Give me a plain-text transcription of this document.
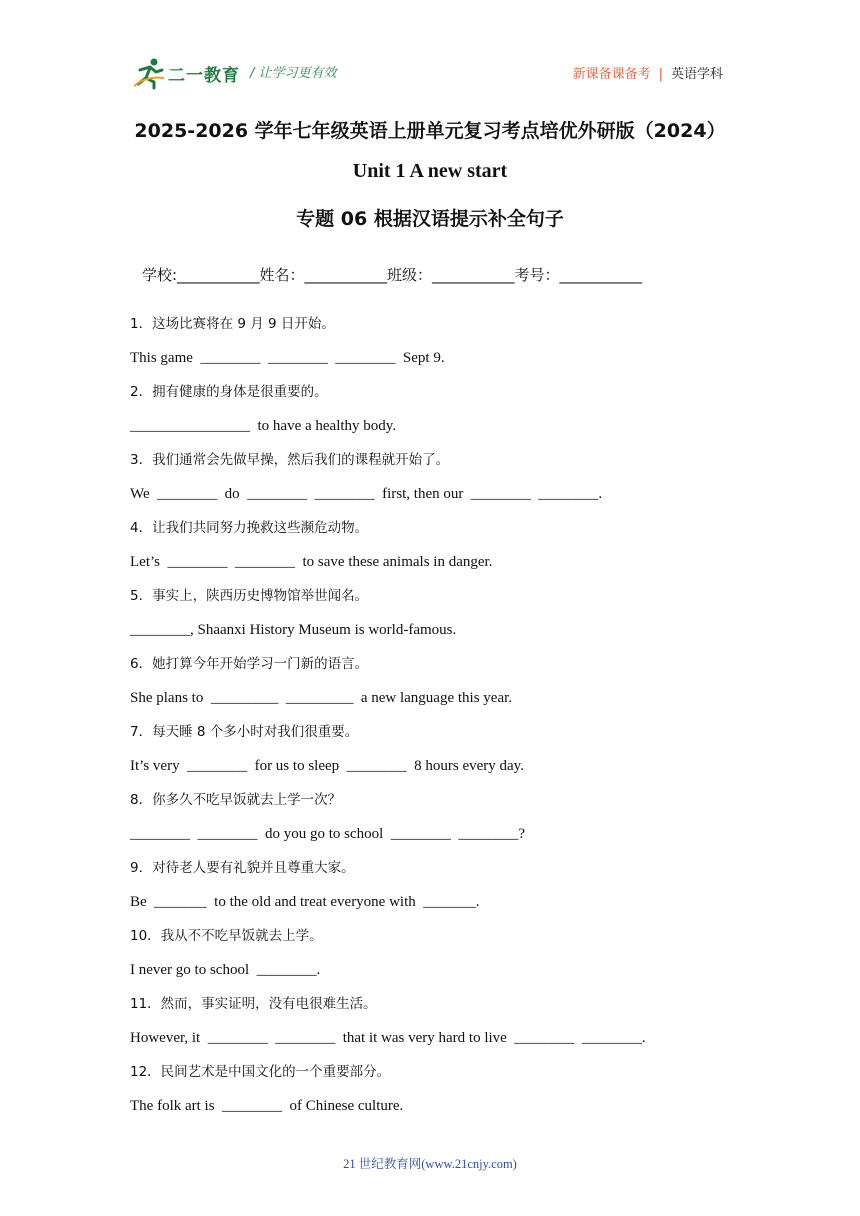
二一教育 / 让学习更有效	新课备课备考 | 英语学科
2025-2026 学年七年级英语上册单元复习考点培优外研版（2024）
Unit 1 A new start
专题 06 根据汉语提示补全句子
学校:___________姓名：___________班级：___________考号：___________
1．这场比赛将在 9 月 9 日开始。
This game  ________  ________  ________  Sept 9.
2．拥有健康的身体是很重要的。
________________  to have a healthy body.
3．我们通常会先做早操，然后我们的课程就开始了。
We  ________  do  ________  ________  first, then our  ________  ________.
4．让我们共同努力挽救这些濒危动物。
Let’s  ________  ________  to save these animals in danger.
5．事实上，陕西历史博物馆举世闻名。
________, Shaanxi History Museum is world-famous.
6．她打算今年开始学习一门新的语言。
She plans to  _________  _________  a new language this year.
7．每天睡 8 个多小时对我们很重要。
It’s very  ________  for us to sleep  ________  8 hours every day.
8．你多久不吃早饭就去上学一次？
________  ________  do you go to school  ________  ________?
9．对待老人要有礼貌并且尊重大家。
Be  _______  to the old and treat everyone with  _______.
10．我从不不吃早饭就去上学。
I never go to school  ________.
11．然而，事实证明，没有电很难生活。
However, it  ________  ________  that it was very hard to live  ________  ________.
12．民间艺术是中国文化的一个重要部分。
The folk art is  ________  of Chinese culture.
21 世纪教育网(www.21cnjy.com)
